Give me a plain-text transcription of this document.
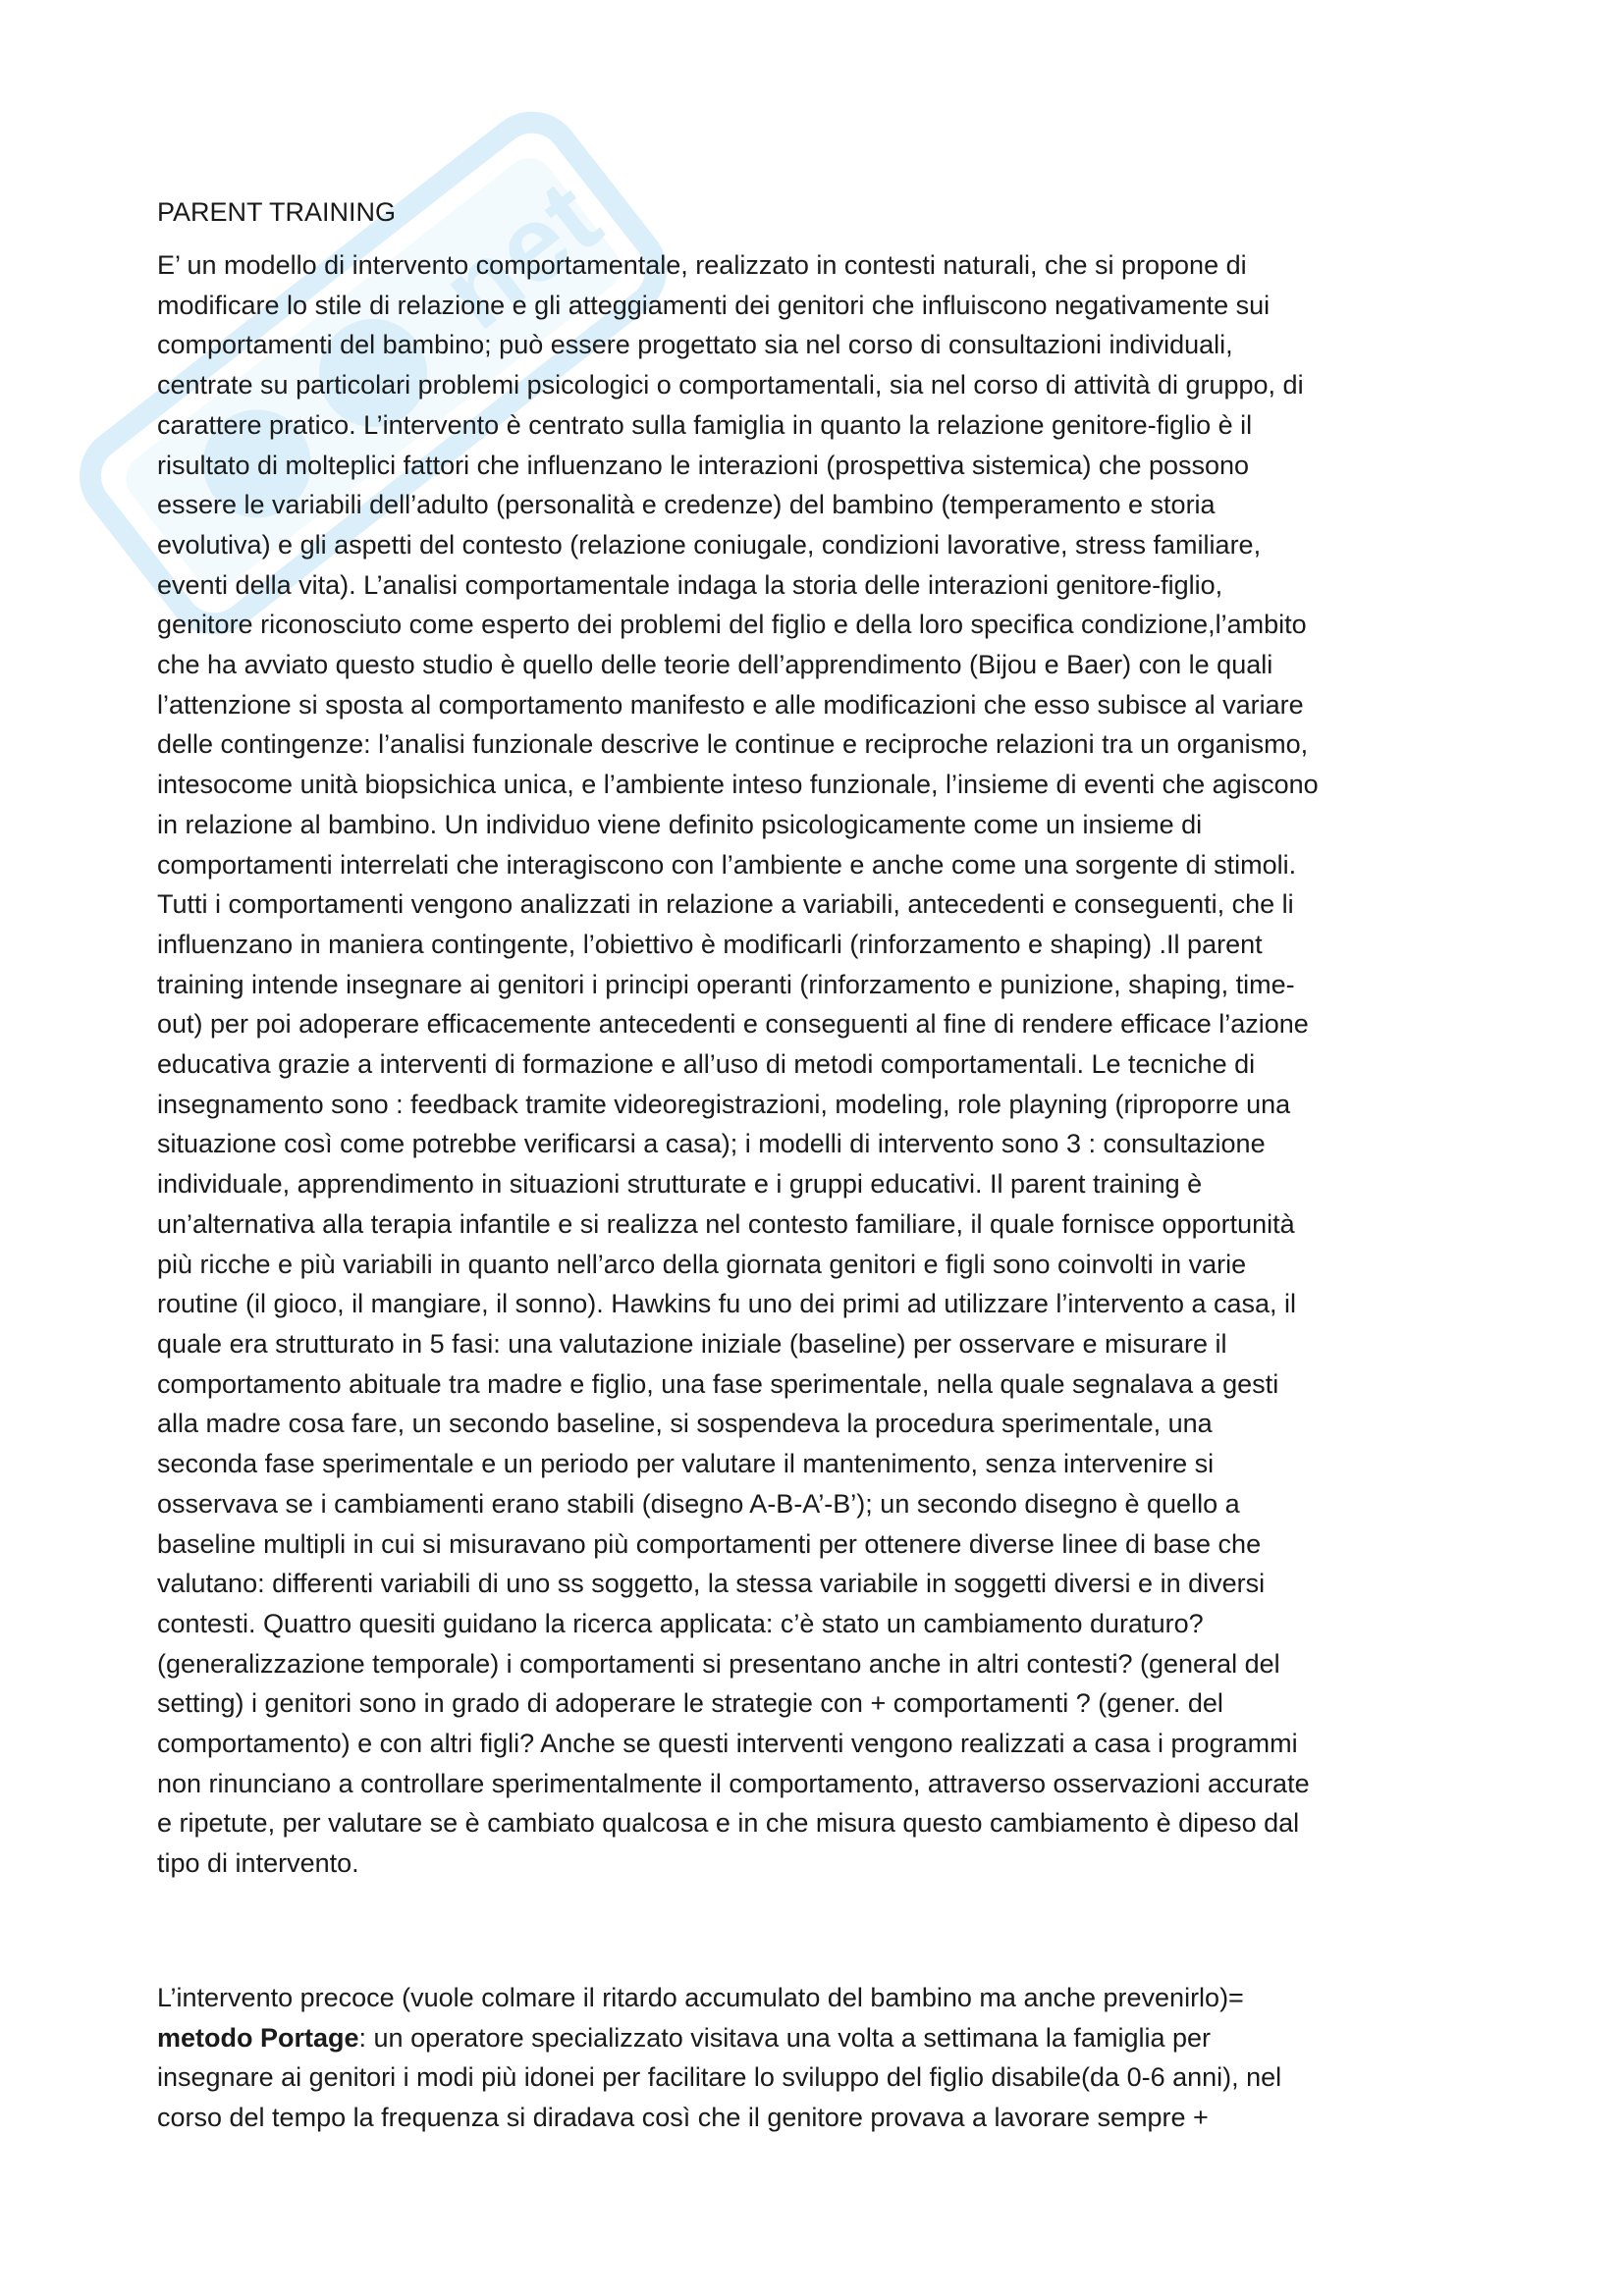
net
PARENT TRAINING

E’ un modello di intervento comportamentale, realizzato in contesti naturali, che si propone di
modificare lo stile di relazione e gli atteggiamenti dei genitori che influiscono negativamente sui
comportamenti del bambino; può essere progettato sia nel corso di consultazioni individuali,
centrate su particolari problemi psicologici o comportamentali, sia nel corso di attività di gruppo, di
carattere pratico. L’intervento è centrato sulla famiglia in quanto la relazione genitore-figlio è il
risultato di molteplici fattori che influenzano le interazioni (prospettiva sistemica) che possono
essere le variabili dell’adulto (personalità e credenze) del bambino (temperamento e storia
evolutiva) e gli aspetti del contesto (relazione coniugale, condizioni lavorative, stress familiare,
eventi della vita). L’analisi comportamentale indaga la storia delle interazioni genitore-figlio,
genitore riconosciuto come esperto dei problemi del figlio e della loro specifica condizione,l’ambito
che ha avviato questo studio è quello delle teorie dell’apprendimento (Bijou e Baer) con le quali
l’attenzione si sposta al comportamento manifesto e alle modificazioni che esso subisce al variare
delle contingenze: l’analisi funzionale descrive le continue e reciproche relazioni tra un organismo,
intesocome unità biopsichica unica, e l’ambiente inteso funzionale, l’insieme di eventi che agiscono
in relazione al bambino. Un individuo viene definito psicologicamente come un insieme di
comportamenti interrelati che interagiscono con l’ambiente e anche come una sorgente di stimoli.
Tutti i comportamenti vengono analizzati in relazione a variabili, antecedenti e conseguenti, che li
influenzano in maniera contingente, l’obiettivo è modificarli (rinforzamento e shaping) .Il parent
training intende insegnare ai genitori i principi operanti (rinforzamento e punizione, shaping, time-
out) per poi adoperare efficacemente antecedenti e conseguenti al fine di rendere efficace l’azione
educativa grazie a interventi di formazione e all’uso di metodi comportamentali. Le tecniche di
insegnamento sono : feedback tramite videoregistrazioni, modeling, role playning (riproporre una
situazione così come potrebbe verificarsi a casa); i modelli di intervento sono 3 : consultazione
individuale, apprendimento in situazioni strutturate e i gruppi educativi. Il parent training è
un’alternativa alla terapia infantile e si realizza nel contesto familiare, il quale fornisce opportunità
più ricche e più variabili in quanto nell’arco della giornata genitori e figli sono coinvolti in varie
routine (il gioco, il mangiare, il sonno). Hawkins fu uno dei primi ad utilizzare l’intervento a casa, il
quale era strutturato in 5 fasi: una valutazione iniziale (baseline) per osservare e misurare il
comportamento abituale tra madre e figlio, una fase sperimentale, nella quale segnalava a gesti
alla madre cosa fare, un secondo baseline, si sospendeva la procedura sperimentale, una
seconda fase sperimentale e un periodo per valutare il mantenimento, senza intervenire si
osservava se i cambiamenti erano stabili (disegno A-B-A’-B’); un secondo disegno è quello a
baseline multipli in cui si misuravano più comportamenti per ottenere diverse linee di base che
valutano: differenti variabili di uno ss soggetto, la stessa variabile in soggetti diversi e in diversi
contesti. Quattro quesiti guidano la ricerca applicata: c’è stato un cambiamento duraturo?
(generalizzazione temporale) i comportamenti si presentano anche in altri contesti? (general del
setting) i genitori sono in grado di adoperare le strategie con + comportamenti ? (gener. del
comportamento) e con altri figli? Anche se questi interventi vengono realizzati a casa i programmi
non rinunciano a controllare sperimentalmente il comportamento, attraverso osservazioni accurate
e ripetute, per valutare se è cambiato qualcosa e in che misura questo cambiamento è dipeso dal
tipo di intervento.

L’intervento precoce (vuole colmare il ritardo accumulato del bambino ma anche prevenirlo)=
metodo Portage: un operatore specializzato visitava una volta a settimana la famiglia per
insegnare ai genitori i modi più idonei per facilitare lo sviluppo del figlio disabile(da 0-6 anni), nel
corso del tempo la frequenza si diradava così che il genitore provava a lavorare sempre +
